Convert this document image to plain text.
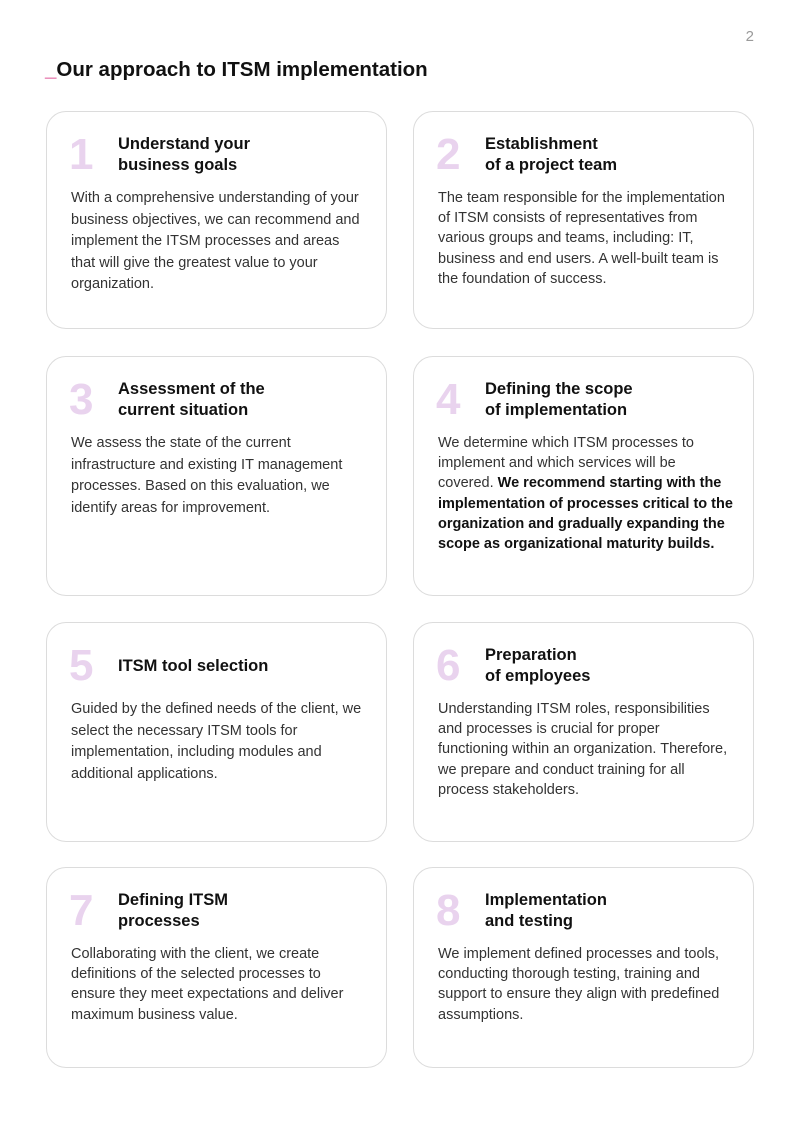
2
_Our approach to ITSM implementation
1 Understand your
business goals

With a comprehensive understanding of your business objectives, we can recommend and implement the ITSM processes and areas that will give the greatest value to your organization.

2 Establishment
of a project team

The team responsible for the implementation of ITSM consists of representatives from various groups and teams, including: IT, business and end users. A well-built team is the foundation of success.

3 Assessment of the
current situation

We assess the state of the current infrastructure and existing IT management processes. Based on this evaluation, we identify areas for improvement.

4 Defining the scope
of implementation

We determine which ITSM processes to implement and which services will be covered. We recommend starting with the implementation of processes critical to the organization and gradually expanding the scope as organizational maturity builds.

5 ITSM tool selection

Guided by the defined needs of the client, we select the necessary ITSM tools for implementation, including modules and additional applications.

6 Preparation
of employees

Understanding ITSM roles, responsibilities and processes is crucial for proper functioning within an organization. Therefore, we prepare and conduct training for all process stakeholders.

7 Defining ITSM
processes

Collaborating with the client, we create definitions of the selected processes to ensure they meet expectations and deliver maximum business value.

8 Implementation
and testing

We implement defined processes and tools, conducting thorough testing, training and support to ensure they align with predefined assumptions.
